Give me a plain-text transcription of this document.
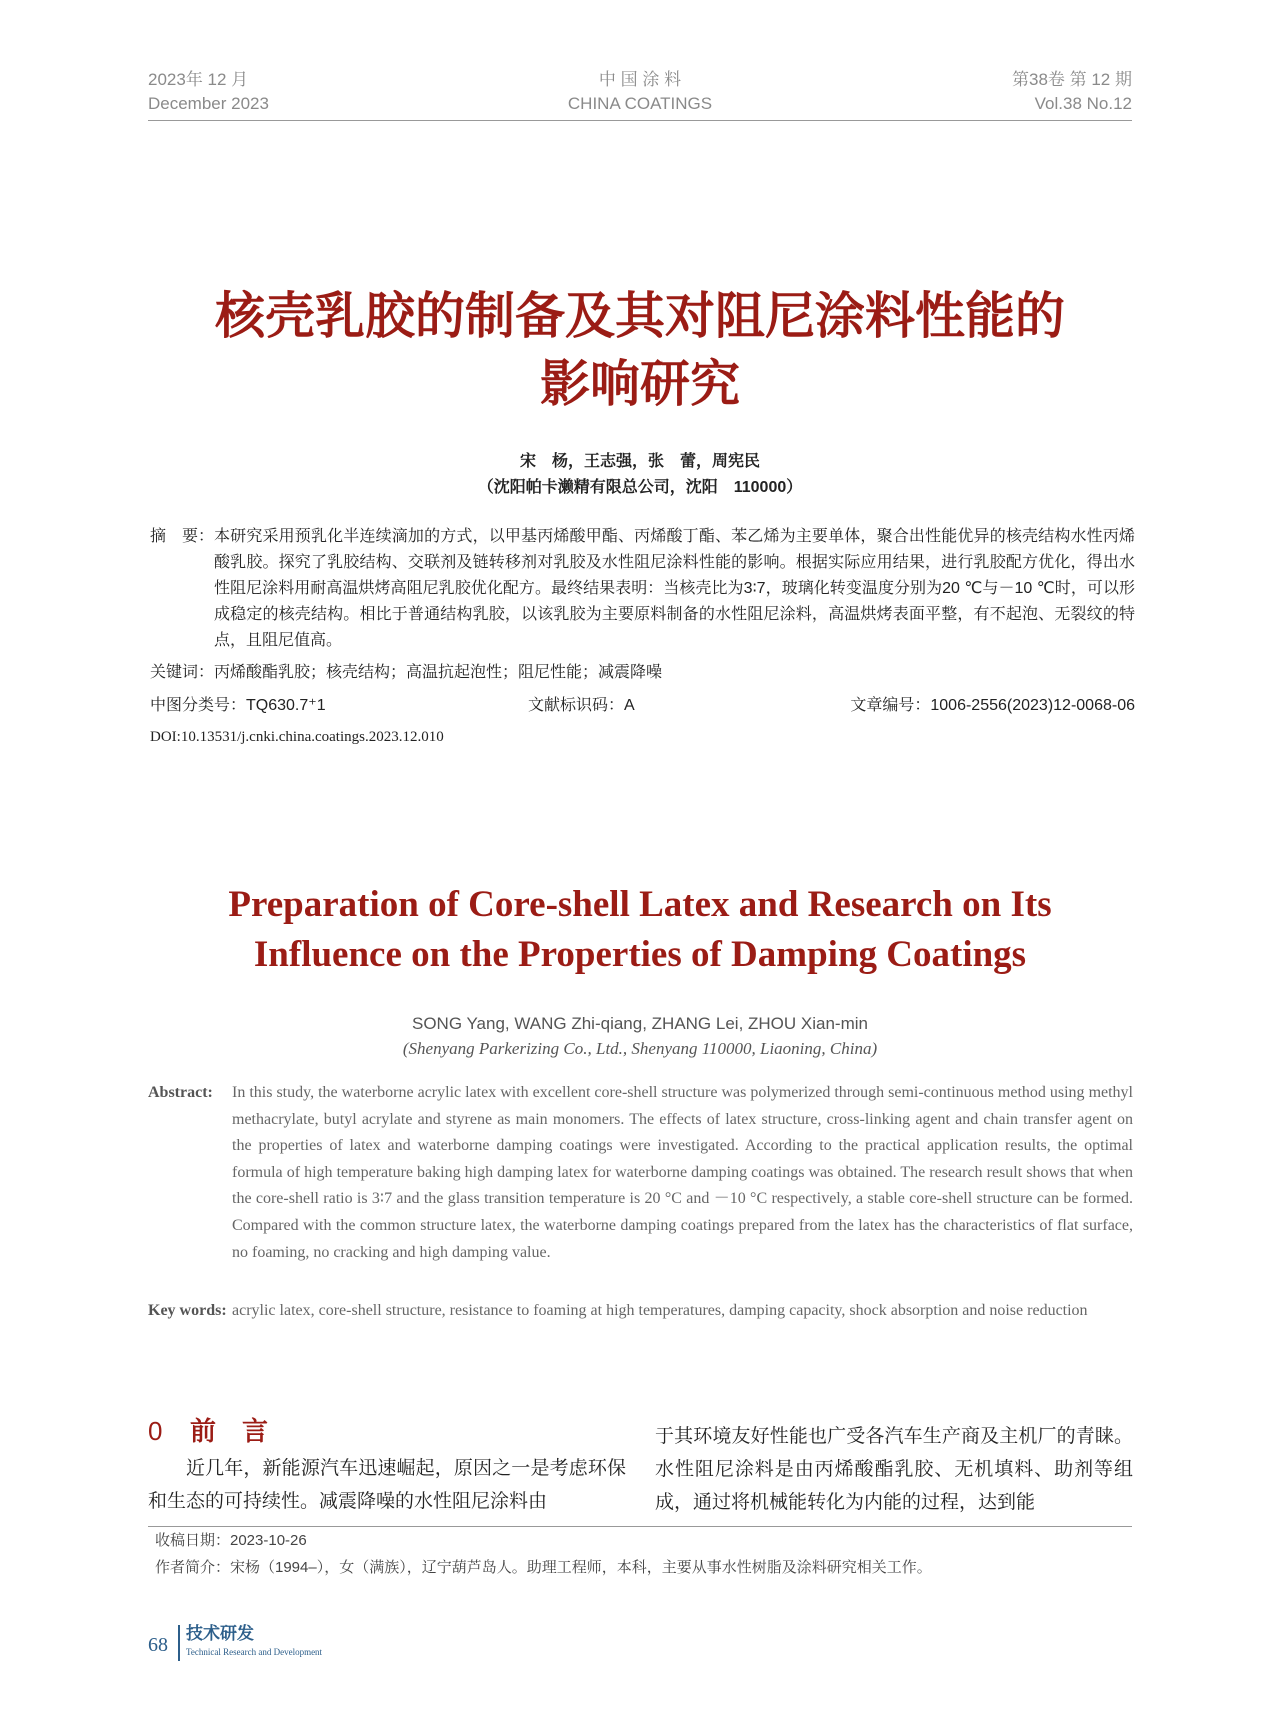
2023年 12 月
December 2023
中 国 涂 料
CHINA COATINGS
第38卷 第 12 期
Vol.38 No.12
核壳乳胶的制备及其对阻尼涂料性能的
影响研究
宋　杨，王志强，张　蕾，周宪民
（沈阳帕卡濑精有限总公司，沈阳　110000）
摘　要： 本研究采用预乳化半连续滴加的方式，以甲基丙烯酸甲酯、丙烯酸丁酯、苯乙烯为主要单体，聚合出性能优异的核壳结构水性丙烯酸乳胶。探究了乳胶结构、交联剂及链转移剂对乳胶及水性阻尼涂料性能的影响。根据实际应用结果，进行乳胶配方优化，得出水性阻尼涂料用耐高温烘烤高阻尼乳胶优化配方。最终结果表明：当核壳比为3∶7，玻璃化转变温度分别为20 ℃与－10 ℃时，可以形成稳定的核壳结构。相比于普通结构乳胶，以该乳胶为主要原料制备的水性阻尼涂料，高温烘烤表面平整，有不起泡、无裂纹的特点，且阻尼值高。
关键词：丙烯酸酯乳胶；核壳结构；高温抗起泡性；阻尼性能；减震降噪
中图分类号：TQ630.7⁺1	文献标识码：A	文章编号：1006-2556(2023)12-0068-06
DOI:10.13531/j.cnki.china.coatings.2023.12.010
Preparation of Core-shell Latex and Research on Its
Influence on the Properties of Damping Coatings
SONG Yang, WANG Zhi-qiang, ZHANG Lei, ZHOU Xian-min
(Shenyang Parkerizing Co., Ltd., Shenyang 110000, Liaoning, China)
Abstract:	In this study, the waterborne acrylic latex with excellent core-shell structure was polymerized through semi-continuous method using methyl methacrylate, butyl acrylate and styrene as main monomers. The effects of latex structure, cross-linking agent and chain transfer agent on the properties of latex and waterborne damping coatings were investigated. According to the practical application results, the optimal formula of high temperature baking high damping latex for waterborne damping coatings was obtained. The research result shows that when the core-shell ratio is 3∶7 and the glass transition temperature is 20 °C and －10 °C respectively, a stable core-shell structure can be formed. Compared with the common structure latex, the waterborne damping coatings prepared from the latex has the characteristics of flat surface, no foaming, no cracking and high damping value.
Key words: acrylic latex, core-shell structure, resistance to foaming at high temperatures, damping capacity, shock absorption and noise reduction
0 前　言
近几年，新能源汽车迅速崛起，原因之一是考虑环保和生态的可持续性。减震降噪的水性阻尼涂料由
于其环境友好性能也广受各汽车生产商及主机厂的青睐。水性阻尼涂料是由丙烯酸酯乳胶、无机填料、助剂等组成，通过将机械能转化为内能的过程，达到能
收稿日期：2023-10-26
作者简介：宋杨（1994–），女（满族），辽宁葫芦岛人。助理工程师，本科，主要从事水性树脂及涂料研究相关工作。
68
技术研发
Technical Research and Development
